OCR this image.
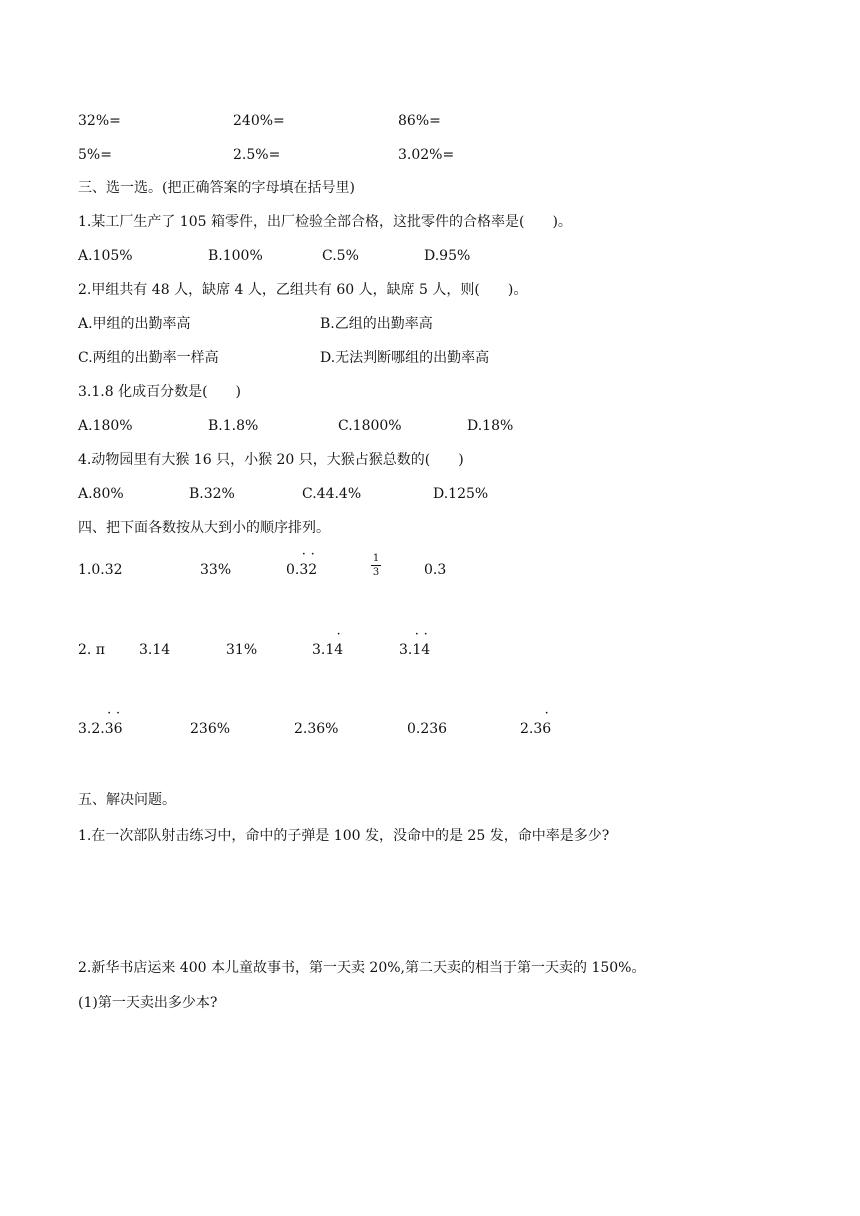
32%=	240%=	86%=
5%=	2.5%=	3.02%=
三、选一选。(把正确答案的字母填在括号里)
1.某工厂生产了 105 箱零件，出厂检验全部合格，这批零件的合格率是(　　)。
A.105%	B.100%	C.5%	D.95%
2.甲组共有 48 人，缺席 4 人，乙组共有 60 人，缺席 5 人，则(　　)。
A.甲组的出勤率高	B.乙组的出勤率高
C.两组的出勤率一样高	D.无法判断哪组的出勤率高
3.1.8 化成百分数是(　　)
A.180%	B.1.8%	C.1800%	D.18%
4.动物园里有大猴 16 只，小猴 20 只，大猴占猴总数的(　　)
A.80%	B.32%	C.44.4%	D.125%
四、把下面各数按从大到小的顺序排列。
1.0.32	33%	0.· 3· 2
1
3	0.3
2. π 3.14	31%	3.1· 4	3.· 1· 4
3.2.· 3· 6	236%	2.36%	0.236	2.3· 6
五、解决问题。
1.在一次部队射击练习中，命中的子弹是 100 发，没命中的是 25 发，命中率是多少?
2.新华书店运来 400 本儿童故事书，第一天卖 20%,第二天卖的相当于第一天卖的 150%。
(1)第一天卖出多少本?
